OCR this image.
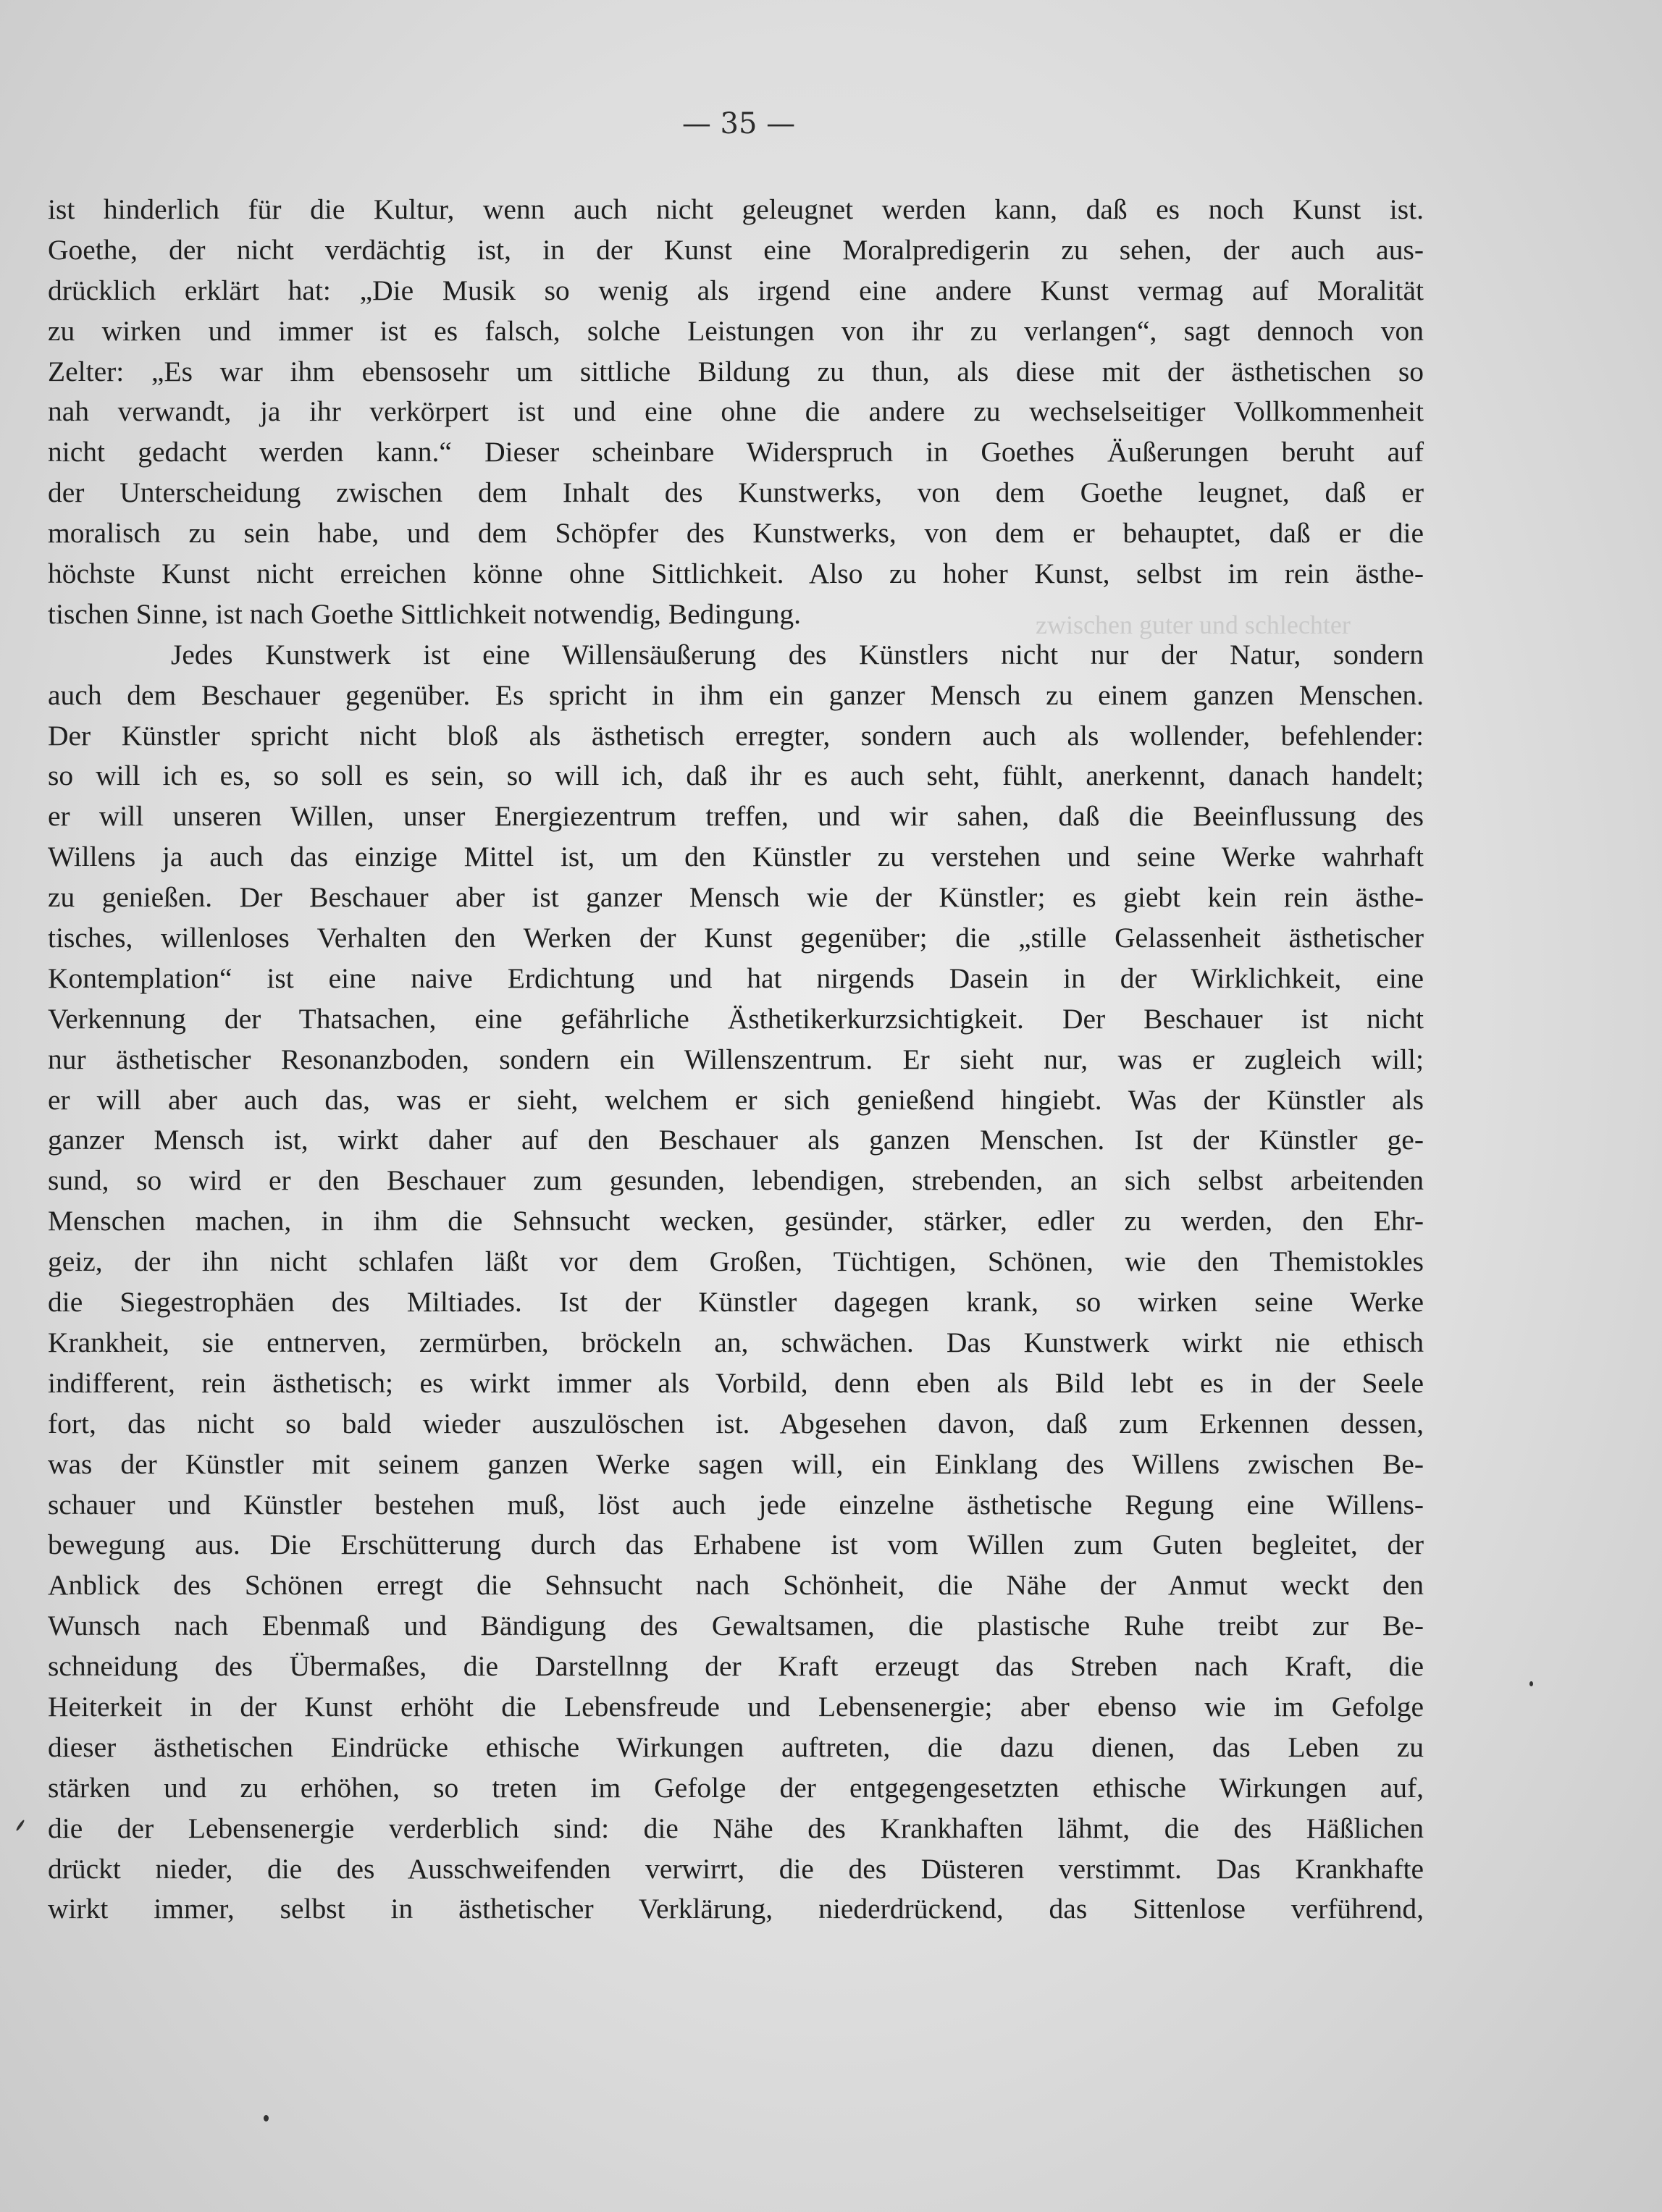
zwischen guter und schlechter
— 35 —
ist hinderlich für die Kultur, wenn auch nicht geleugnet werden kann, daß es noch Kunst ist.
Goethe, der nicht verdächtig ist, in der Kunst eine Moralpredigerin zu sehen, der auch aus-
drücklich erklärt hat: „Die Musik so wenig als irgend eine andere Kunst vermag auf Moralität
zu wirken und immer ist es falsch, solche Leistungen von ihr zu verlangen“, sagt dennoch von
Zelter: „Es war ihm ebensosehr um sittliche Bildung zu thun, als diese mit der ästhetischen so
nah verwandt, ja ihr verkörpert ist und eine ohne die andere zu wechselseitiger Vollkommenheit
nicht gedacht werden kann.“ Dieser scheinbare Widerspruch in Goethes Äußerungen beruht auf
der Unterscheidung zwischen dem Inhalt des Kunstwerks, von dem Goethe leugnet, daß er
moralisch zu sein habe, und dem Schöpfer des Kunstwerks, von dem er behauptet, daß er die
höchste Kunst nicht erreichen könne ohne Sittlichkeit. Also zu hoher Kunst, selbst im rein ästhe-
tischen Sinne, ist nach Goethe Sittlichkeit notwendig, Bedingung.
Jedes Kunstwerk ist eine Willensäußerung des Künstlers nicht nur der Natur, sondern
auch dem Beschauer gegenüber. Es spricht in ihm ein ganzer Mensch zu einem ganzen Menschen.
Der Künstler spricht nicht bloß als ästhetisch erregter, sondern auch als wollender, befehlender:
so will ich es, so soll es sein, so will ich, daß ihr es auch seht, fühlt, anerkennt, danach handelt;
er will unseren Willen, unser Energiezentrum treffen, und wir sahen, daß die Beeinflussung des
Willens ja auch das einzige Mittel ist, um den Künstler zu verstehen und seine Werke wahrhaft
zu genießen. Der Beschauer aber ist ganzer Mensch wie der Künstler; es giebt kein rein ästhe-
tisches, willenloses Verhalten den Werken der Kunst gegenüber; die „stille Gelassenheit ästhetischer
Kontemplation“ ist eine naive Erdichtung und hat nirgends Dasein in der Wirklichkeit, eine
Verkennung der Thatsachen, eine gefährliche Ästhetikerkurzsichtigkeit. Der Beschauer ist nicht
nur ästhetischer Resonanzboden, sondern ein Willenszentrum. Er sieht nur, was er zugleich will;
er will aber auch das, was er sieht, welchem er sich genießend hingiebt. Was der Künstler als
ganzer Mensch ist, wirkt daher auf den Beschauer als ganzen Menschen. Ist der Künstler ge-
sund, so wird er den Beschauer zum gesunden, lebendigen, strebenden, an sich selbst arbeitenden
Menschen machen, in ihm die Sehnsucht wecken, gesünder, stärker, edler zu werden, den Ehr-
geiz, der ihn nicht schlafen läßt vor dem Großen, Tüchtigen, Schönen, wie den Themistokles
die Siegestrophäen des Miltiades. Ist der Künstler dagegen krank, so wirken seine Werke
Krankheit, sie entnerven, zermürben, bröckeln an, schwächen. Das Kunstwerk wirkt nie ethisch
indifferent, rein ästhetisch; es wirkt immer als Vorbild, denn eben als Bild lebt es in der Seele
fort, das nicht so bald wieder auszulöschen ist. Abgesehen davon, daß zum Erkennen dessen,
was der Künstler mit seinem ganzen Werke sagen will, ein Einklang des Willens zwischen Be-
schauer und Künstler bestehen muß, löst auch jede einzelne ästhetische Regung eine Willens-
bewegung aus. Die Erschütterung durch das Erhabene ist vom Willen zum Guten begleitet, der
Anblick des Schönen erregt die Sehnsucht nach Schönheit, die Nähe der Anmut weckt den
Wunsch nach Ebenmaß und Bändigung des Gewaltsamen, die plastische Ruhe treibt zur Be-
schneidung des Übermaßes, die Darstellnng der Kraft erzeugt das Streben nach Kraft, die
Heiterkeit in der Kunst erhöht die Lebensfreude und Lebensenergie; aber ebenso wie im Gefolge
dieser ästhetischen Eindrücke ethische Wirkungen auftreten, die dazu dienen, das Leben zu
stärken und zu erhöhen, so treten im Gefolge der entgegengesetzten ethische Wirkungen auf,
die der Lebensenergie verderblich sind: die Nähe des Krankhaften lähmt, die des Häßlichen
drückt nieder, die des Ausschweifenden verwirrt, die des Düsteren verstimmt. Das Krankhafte
wirkt immer, selbst in ästhetischer Verklärung, niederdrückend, das Sittenlose verführend,
